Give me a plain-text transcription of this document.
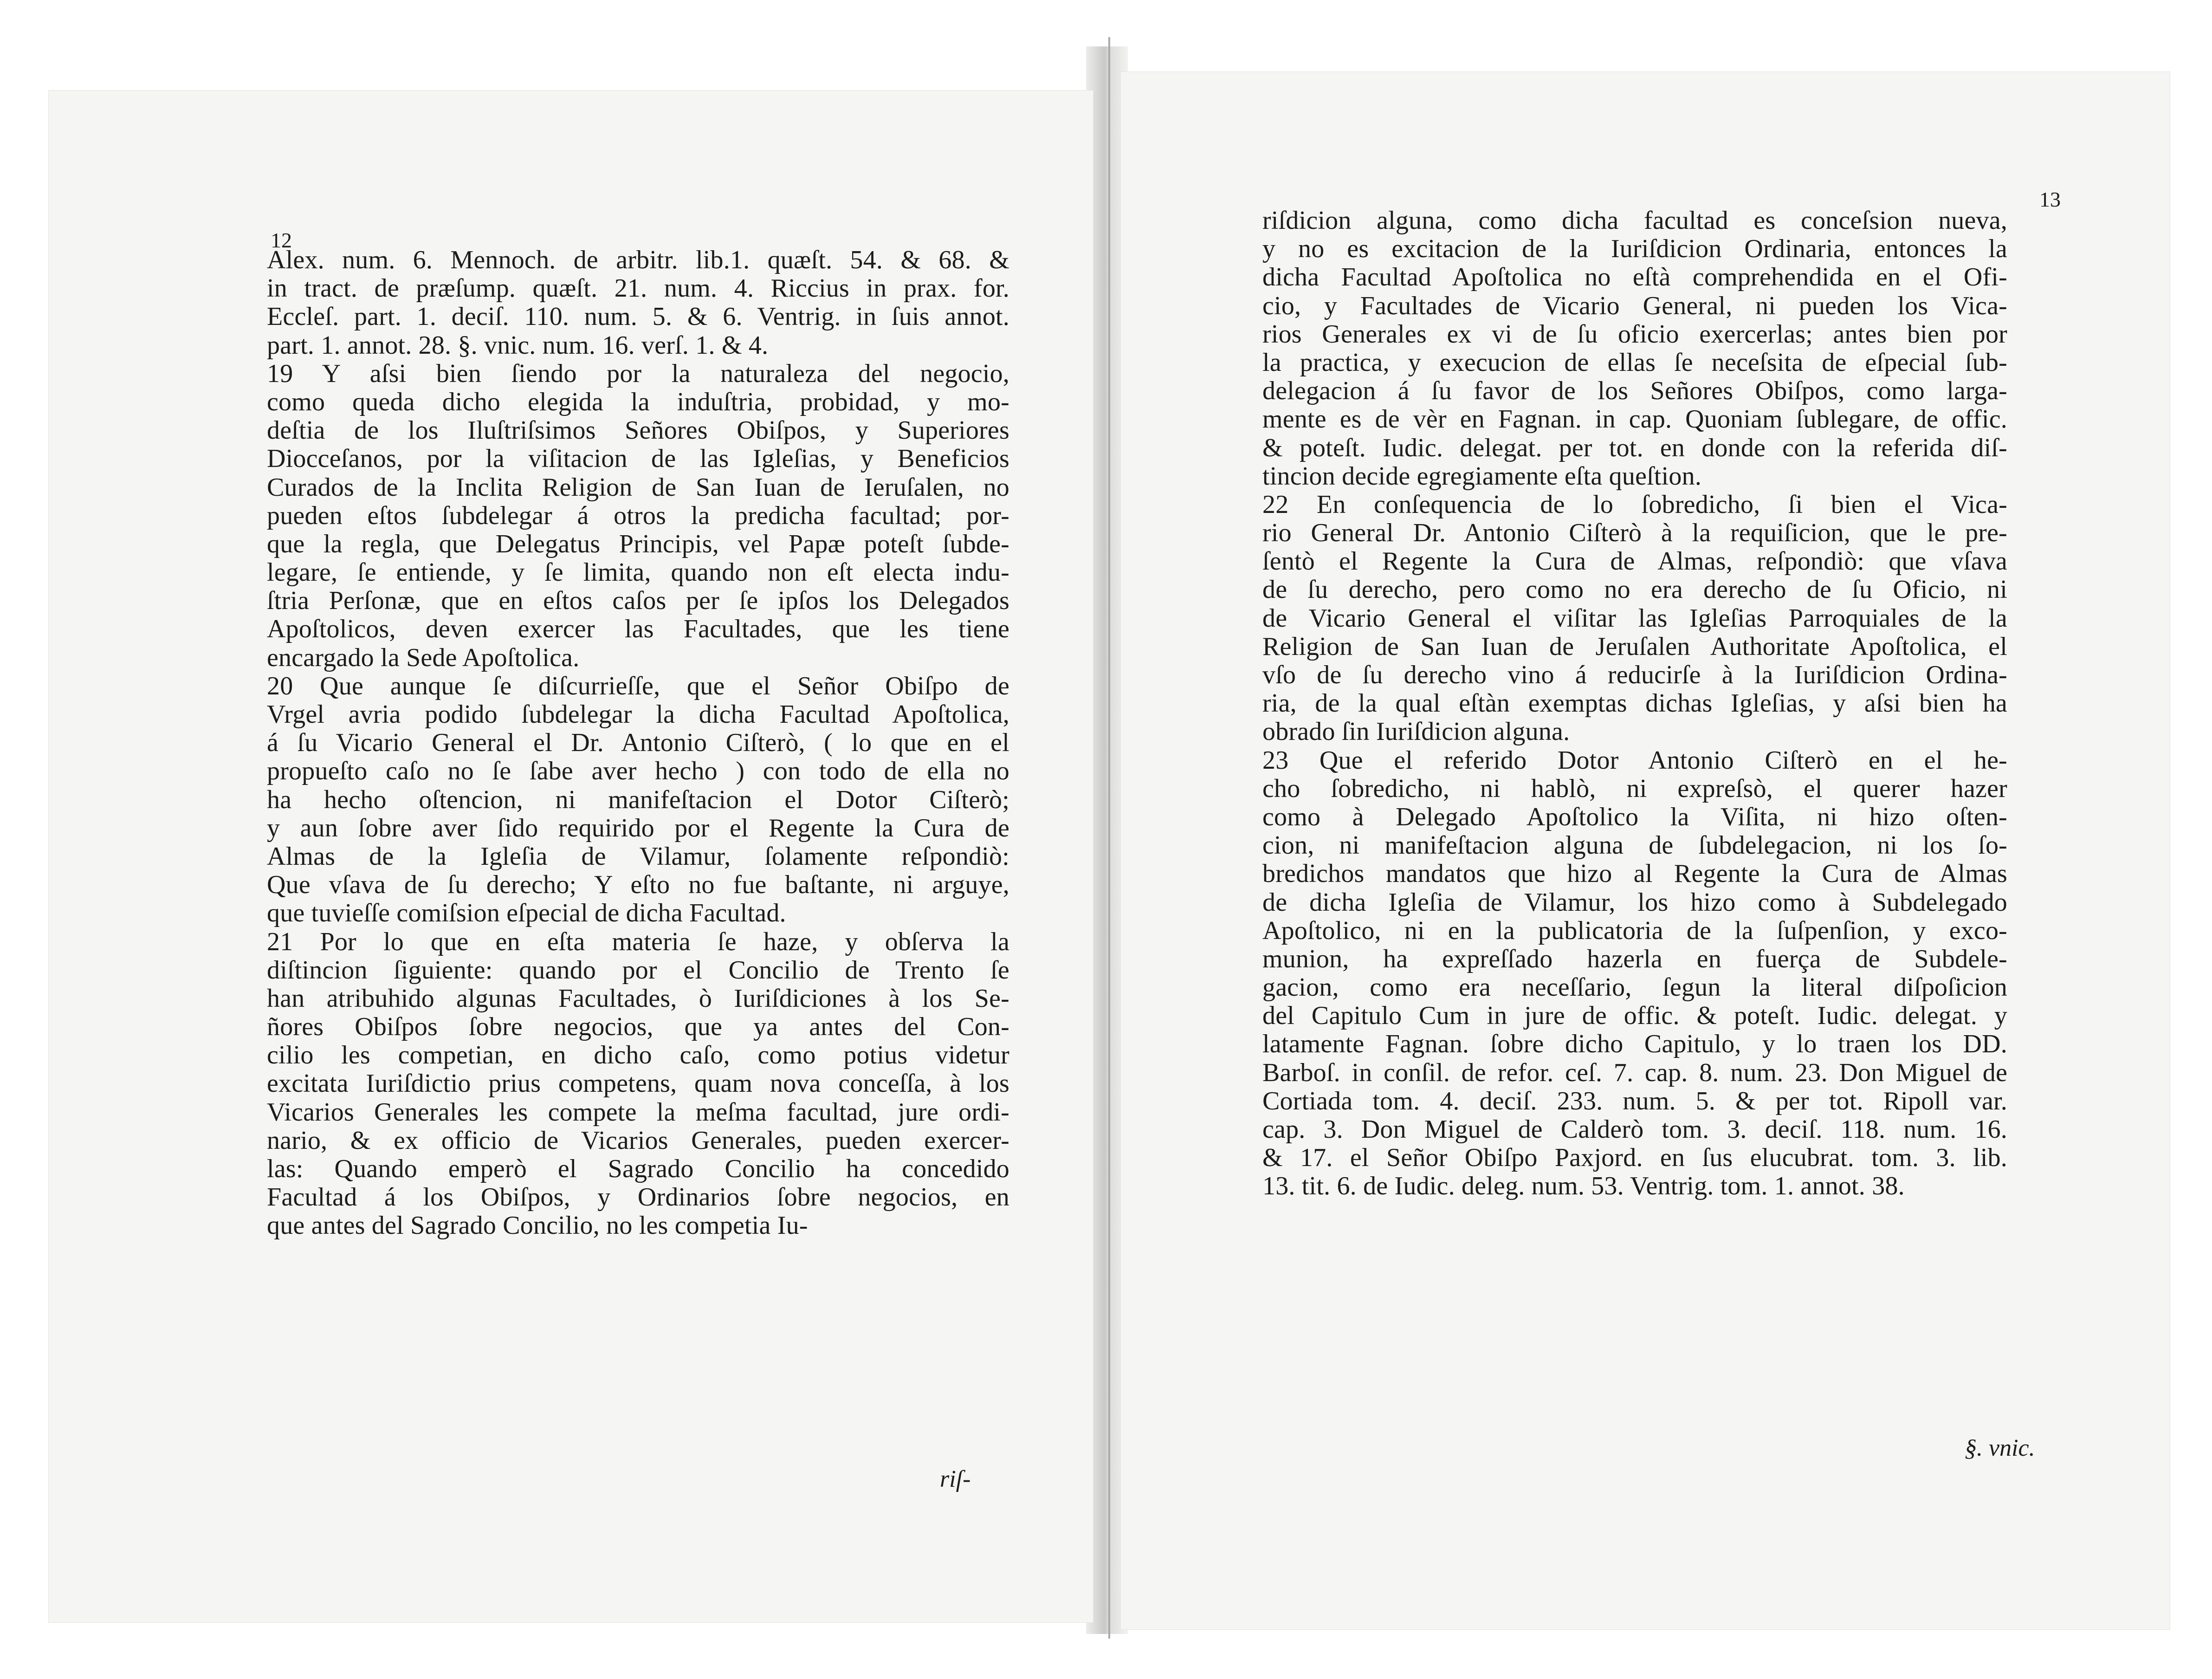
12
Alex. num. 6. Mennoch. de arbitr. lib.1. quæſt. 54. & 68. &
in tract. de præſump. quæſt. 21. num. 4. Riccius in prax. for.
Eccleſ. part. 1. deciſ. 110. num. 5. & 6. Ventrig. in ſuis annot.
part. 1. annot. 28. §. vnic. num. 16. verſ. 1. & 4.
19 Y aſsi bien ſiendo por la naturaleza del negocio,
como queda dicho elegida la induſtria, probidad, y mo-
deſtia de los Iluſtriſsimos Señores Obiſpos, y Superiores
Diocceſanos, por la viſitacion de las Igleſias, y Beneficios
Curados de la Inclita Religion de San Iuan de Ieruſalen, no
pueden eſtos ſubdelegar á otros la predicha facultad; por-
que la regla, que Delegatus Principis, vel Papæ poteſt ſubde-
legare, ſe entiende, y ſe limita, quando non eſt electa indu-
ſtria Perſonæ, que en eſtos caſos per ſe ipſos los Delegados
Apoſtolicos, deven exercer las Facultades, que les tiene
encargado la Sede Apoſtolica.
20 Que aunque ſe diſcurrieſſe, que el Señor Obiſpo de
Vrgel avria podido ſubdelegar la dicha Facultad Apoſtolica,
á ſu Vicario General el Dr. Antonio Ciſterò, ( lo que en el
propueſto caſo no ſe ſabe aver hecho ) con todo de ella no
ha hecho oſtencion, ni manifeſtacion el Dotor Ciſterò;
y aun ſobre aver ſido requirido por el Regente la Cura de
Almas de la Igleſia de Vilamur, ſolamente reſpondiò:
Que vſava de ſu derecho; Y eſto no fue baſtante, ni arguye,
que tuvieſſe comiſsion eſpecial de dicha Facultad.
21 Por lo que en eſta materia ſe haze, y obſerva la
diſtincion ſiguiente: quando por el Concilio de Trento ſe
han atribuhido algunas Facultades, ò Iuriſdiciones à los Se-
ñores Obiſpos ſobre negocios, que ya antes del Con-
cilio les competian, en dicho caſo, como potius videtur
excitata Iuriſdictio prius competens, quam nova conceſſa, à los
Vicarios Generales les compete la meſma facultad, jure ordi-
nario, & ex officio de Vicarios Generales, pueden exercer-
las: Quando emperò el Sagrado Concilio ha concedido
Facultad á los Obiſpos, y Ordinarios ſobre negocios, en
que antes del Sagrado Concilio, no les competia Iu-
riſ-
13
riſdicion alguna, como dicha facultad es conceſsion nueva,
y no es excitacion de la Iuriſdicion Ordinaria, entonces la
dicha Facultad Apoſtolica no eſtà comprehendida en el Ofi-
cio, y Facultades de Vicario General, ni pueden los Vica-
rios Generales ex vi de ſu oficio exercerlas; antes bien por
la practica, y execucion de ellas ſe neceſsita de eſpecial ſub-
delegacion á ſu favor de los Señores Obiſpos, como larga-
mente es de vèr en Fagnan. in cap. Quoniam ſublegare, de offic.
& poteſt. Iudic. delegat. per tot. en donde con la referida diſ-
tincion decide egregiamente eſta queſtion.
22 En conſequencia de lo ſobredicho, ſi bien el Vica-
rio General Dr. Antonio Ciſterò à la requiſicion, que le pre-
ſentò el Regente la Cura de Almas, reſpondiò: que vſava
de ſu derecho, pero como no era derecho de ſu Oficio, ni
de Vicario General el viſitar las Igleſias Parroquiales de la
Religion de San Iuan de Jeruſalen Authoritate Apoſtolica, el
vſo de ſu derecho vino á reducirſe à la Iuriſdicion Ordina-
ria, de la qual eſtàn exemptas dichas Igleſias, y aſsi bien ha
obrado ſin Iuriſdicion alguna.
23 Que el referido Dotor Antonio Ciſterò en el he-
cho ſobredicho, ni hablò, ni expreſsò, el querer hazer
como à Delegado Apoſtolico la Viſita, ni hizo oſten-
cion, ni manifeſtacion alguna de ſubdelegacion, ni los ſo-
bredichos mandatos que hizo al Regente la Cura de Almas
de dicha Igleſia de Vilamur, los hizo como à Subdelegado
Apoſtolico, ni en la publicatoria de la ſuſpenſion, y exco-
munion, ha expreſſado hazerla en fuerça de Subdele-
gacion, como era neceſſario, ſegun la literal diſpoſicion
del Capitulo Cum in jure de offic. & poteſt. Iudic. delegat. y
latamente Fagnan. ſobre dicho Capitulo, y lo traen los DD.
Barboſ. in conſil. de refor. ceſ. 7. cap. 8. num. 23. Don Miguel de
Cortiada tom. 4. deciſ. 233. num. 5. & per tot. Ripoll var.
cap. 3. Don Miguel de Calderò tom. 3. deciſ. 118. num. 16.
& 17. el Señor Obiſpo Paxjord. en ſus elucubrat. tom. 3. lib.
13. tit. 6. de Iudic. deleg. num. 53. Ventrig. tom. 1. annot. 38.
§. vnic.
